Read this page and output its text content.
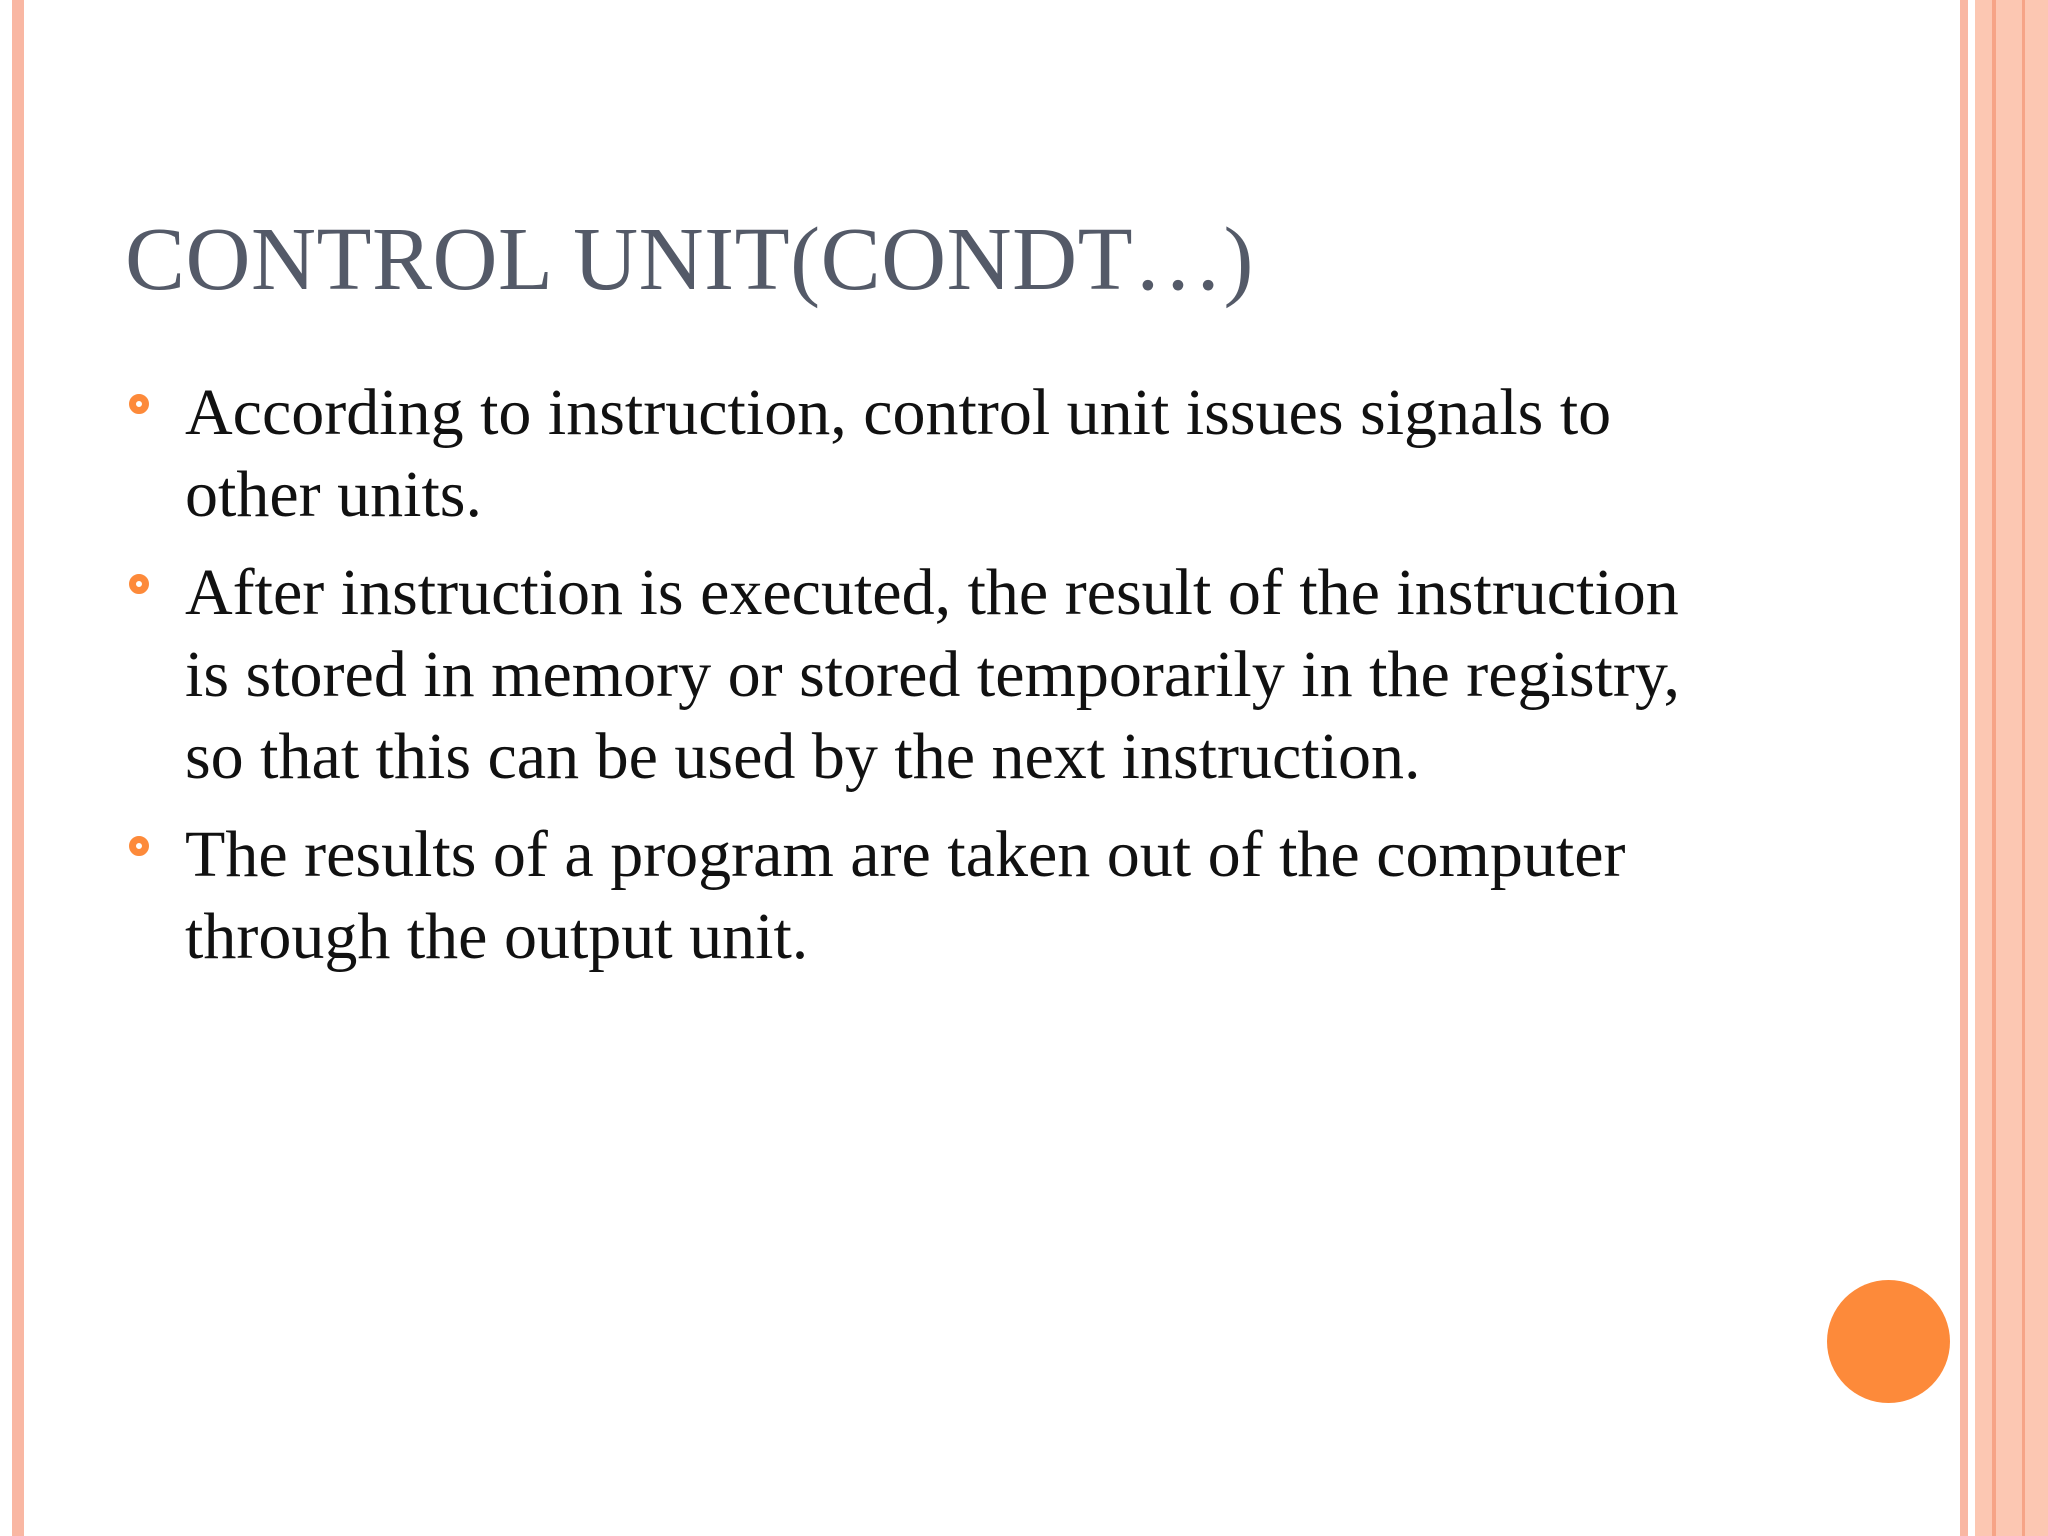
CONTROL UNIT(CONDT…)
According to instruction, control unit issues signals to other units.
After instruction is executed, the result of the instruction is stored in memory or stored temporarily in the registry, so that this can be used by the next instruction.
The results of a program are taken out of the computer through the output unit.
